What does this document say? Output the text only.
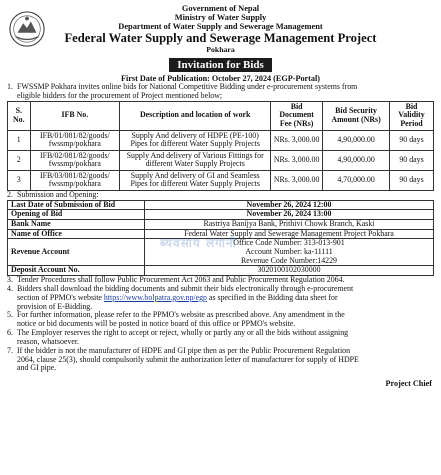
Government of Nepal
Ministry of Water Supply
Department of Water Supply and Sewerage Management
Federal Water Supply and Sewerage Management Project
Pokhara
Invitation for Bids
First Date of Publication: October 27, 2024 (EGP-Portal)
1. FWSSMP Pokhara invites online bids for National Competitive Bidding under e-procurement systems from
eligible bidders for the procurement of Project mentioned below;
S. No.	IFB No.	Description and location of work	Bid Document Fee (NRs)	Bid Security Amount (NRs)	Bid Validity Period
1	IFB/01/081/82/goods/ fwssmp/pokhara	Supply And delivery of HDPE (PE-100) Pipes for different Water Supply Projects	NRs. 3,000.00	4,90,000.00	90 days
2	IFB/02/081/82/goods/ fwssmp/pokhara	Supply And delivery of Various Fittings for different Water Supply Projects	NRs. 3,000.00	4,90,000.00	90 days
3	IFB/03/081/82/goods/ fwssmp/pokhara	Supply And delivery of GI and Seamless Pipes for different Water Supply Projects	NRs. 3,000.00	4,70,000.00	90 days
2. Submission and Opening:
Last Date of Submission of Bid	November 26, 2024 12:00
Opening of Bid	November 26, 2024 13:00
Bank Name	Rastriya Banijya Bank, Prithivi Chowk Branch, Kaski
Name of Office	Federal Water Supply and Sewerage Management Project Pokhara
Revenue Account	Office Code Number: 313-013-901
Account Number: ka-11111
Revenue Code Number:14229

Deposit Account No.	3020100102030000
ब्यवसाय लगानी
3. Tender Procedures shall follow Public Procurement Act 2063 and Public Procurement Regulation 2064.
4. Bidders shall download the bidding documents and submit their bids electronically through e-procurement
section of PPMO's website https://www.bolpatra.gov.np/egp as specified in the Bidding data sheet for
provision of E-Bidding.
5. For further information, please refer to the PPMO's website as prescribed above. Any amendment in the
notice or bid documents will be posted in notice board of this office or PPMO's website.
6. The Employer reserves the right to accept or reject, wholly or partly any or all the bids without assigning
reason, whatsoever.
7. If the bidder is not the manufacturer of HDPE and GI pipe then as per the Public Procurement Regulation
2064, clause 25(3), should compulsorily submit the authorization letter of manufacturer for supply of HDPE
and GI pipe.
Project Chief
